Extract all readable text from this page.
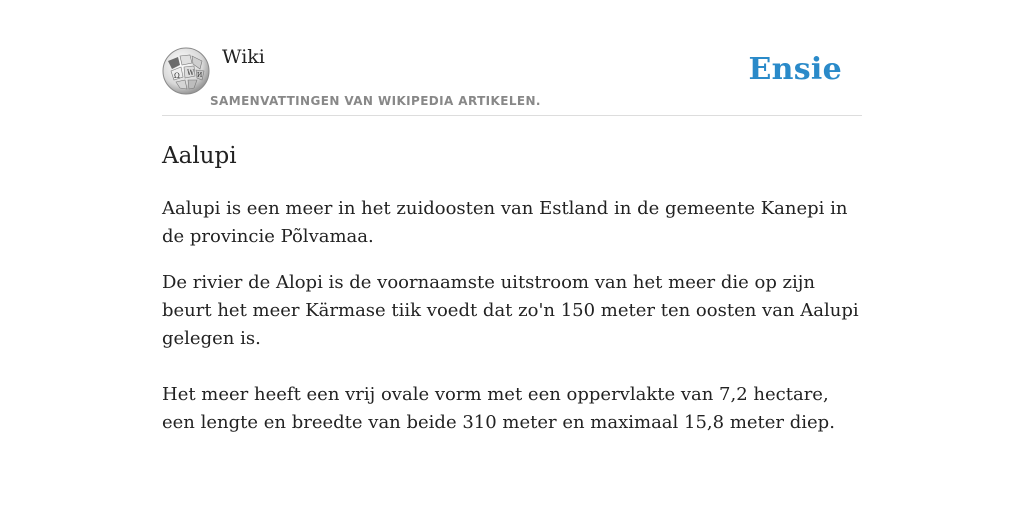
Ω W И
Wiki
SAMENVATTINGEN VAN WIKIPEDIA ARTIKELEN.
Ensie
Aalupi

Aalupi is een meer in het zuidoosten van Estland in de gemeente Kanepi in de provincie Põlvamaa.

De rivier de Alopi is de voornaamste uitstroom van het meer die op zijn beurt het meer Kärmase tiik voedt dat zo'n 150 meter ten oosten van Aalupi gelegen is.

Het meer heeft een vrij ovale vorm met een oppervlakte van 7,2 hectare, een lengte en breedte van beide 310 meter en maximaal 15,8 meter diep.
